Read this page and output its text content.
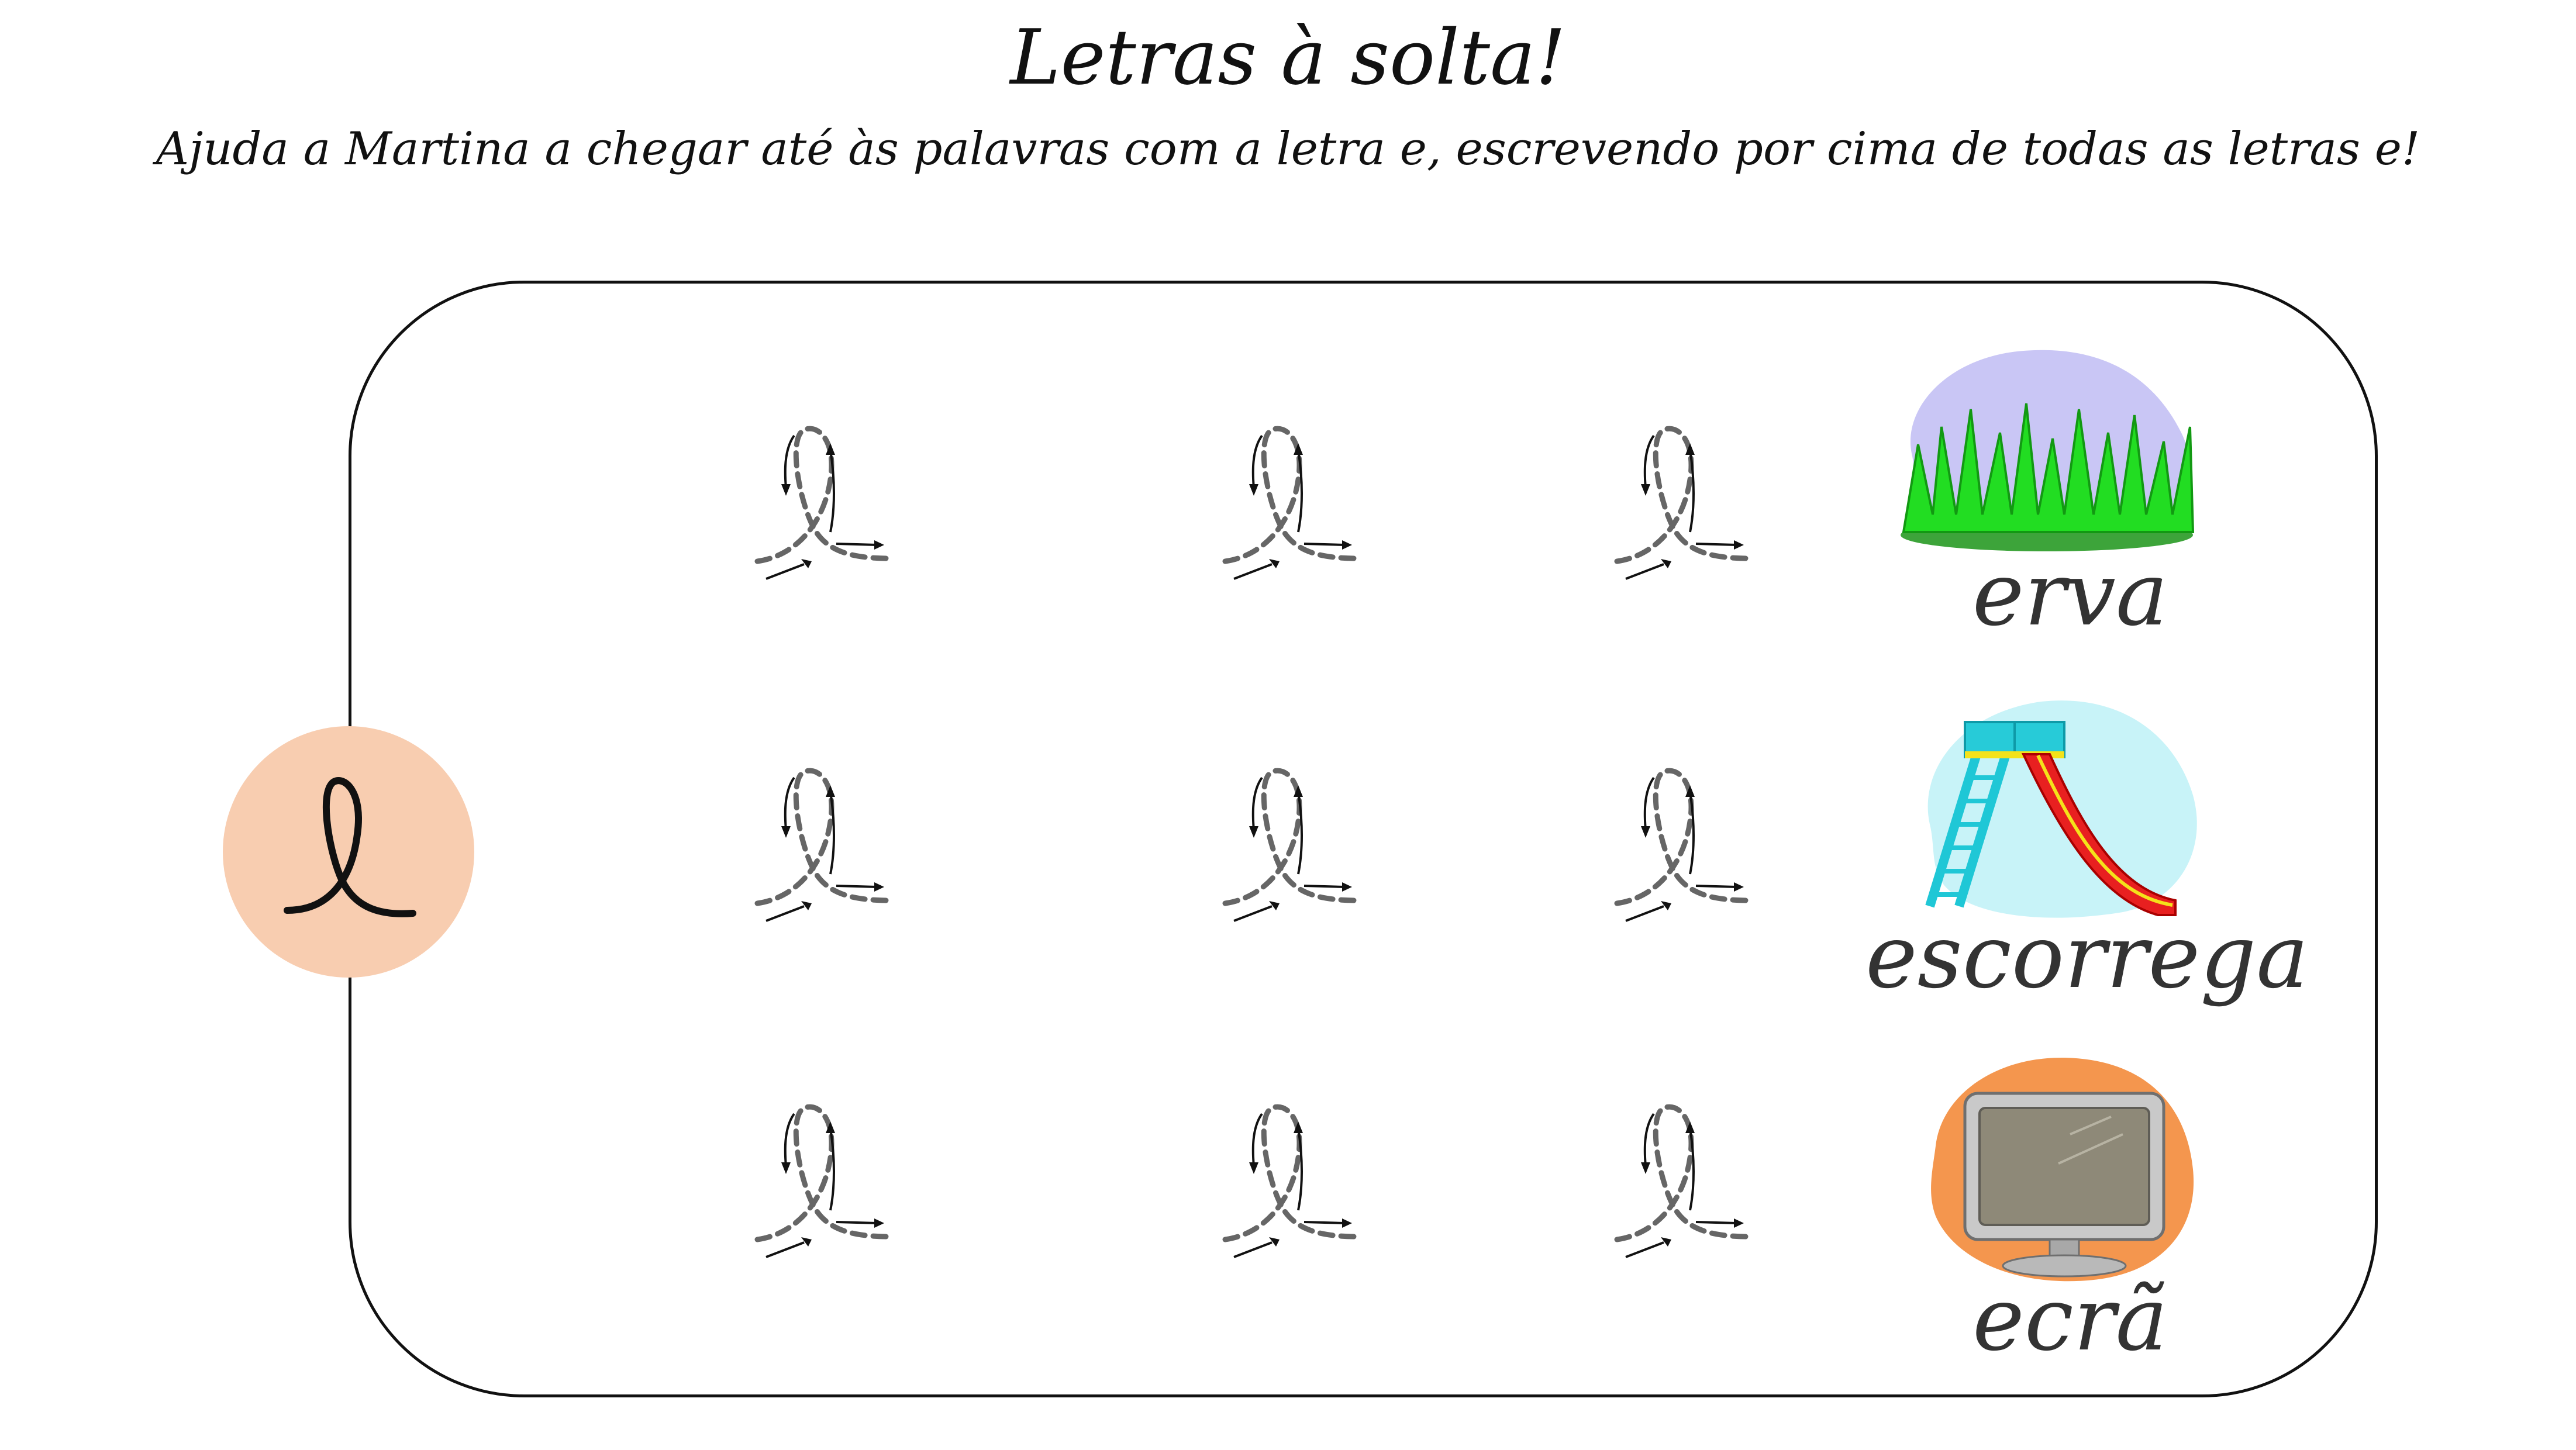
Letras à solta!

Ajuda a Martina a chegar até às palavras com a letra e, escrevendo por cima de todas as letras e!

erva
escorrega
ecrã
